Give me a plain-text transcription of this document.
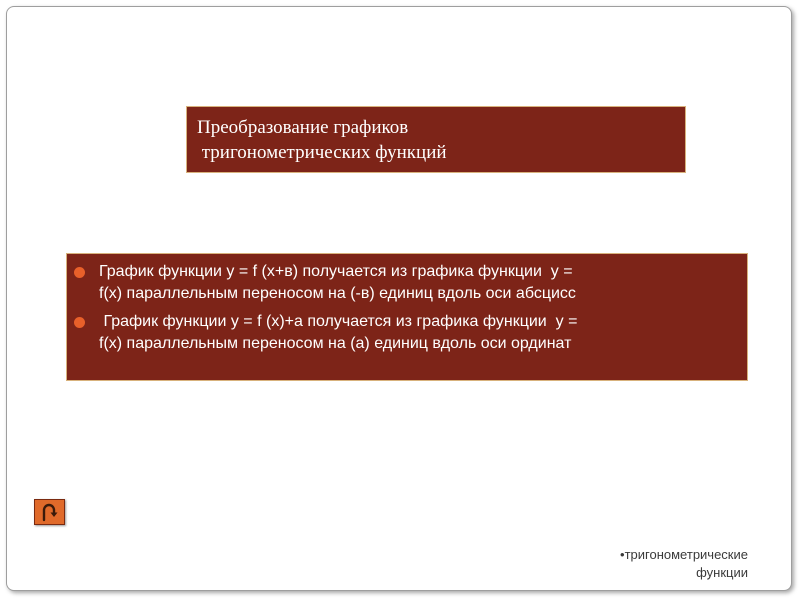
Преобразование графиков
тригонометрических функций
График функции y = f (x+в) получается из графика функции  y =
f(x) параллельным переносом на (-в) единиц вдоль оси абсцисс
График функции y = f (x)+a получается из графика функции  y =
f(x) параллельным переносом на (а) единиц вдоль оси ординат
•тригонометрические
функции
